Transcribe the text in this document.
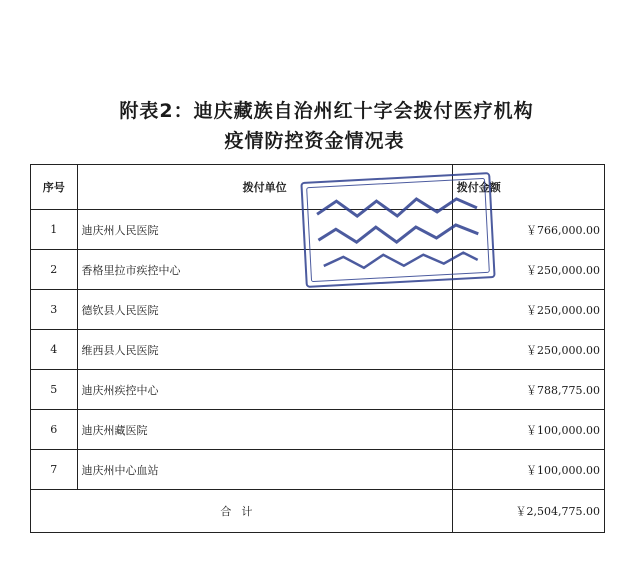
附表2：迪庆藏族自治州红十字会拨付医疗机构
疫情防控资金情况表
序号	拨付单位	拨付金额
1	迪庆州人民医院	￥766,000.00
2	香格里拉市疾控中心	￥250,000.00
3	德钦县人民医院	￥250,000.00
4	维西县人民医院	￥250,000.00
5	迪庆州疾控中心	￥788,775.00
6	迪庆州藏医院	￥100,000.00
7	迪庆州中心血站	￥100,000.00
合计		￥2,504,775.00
